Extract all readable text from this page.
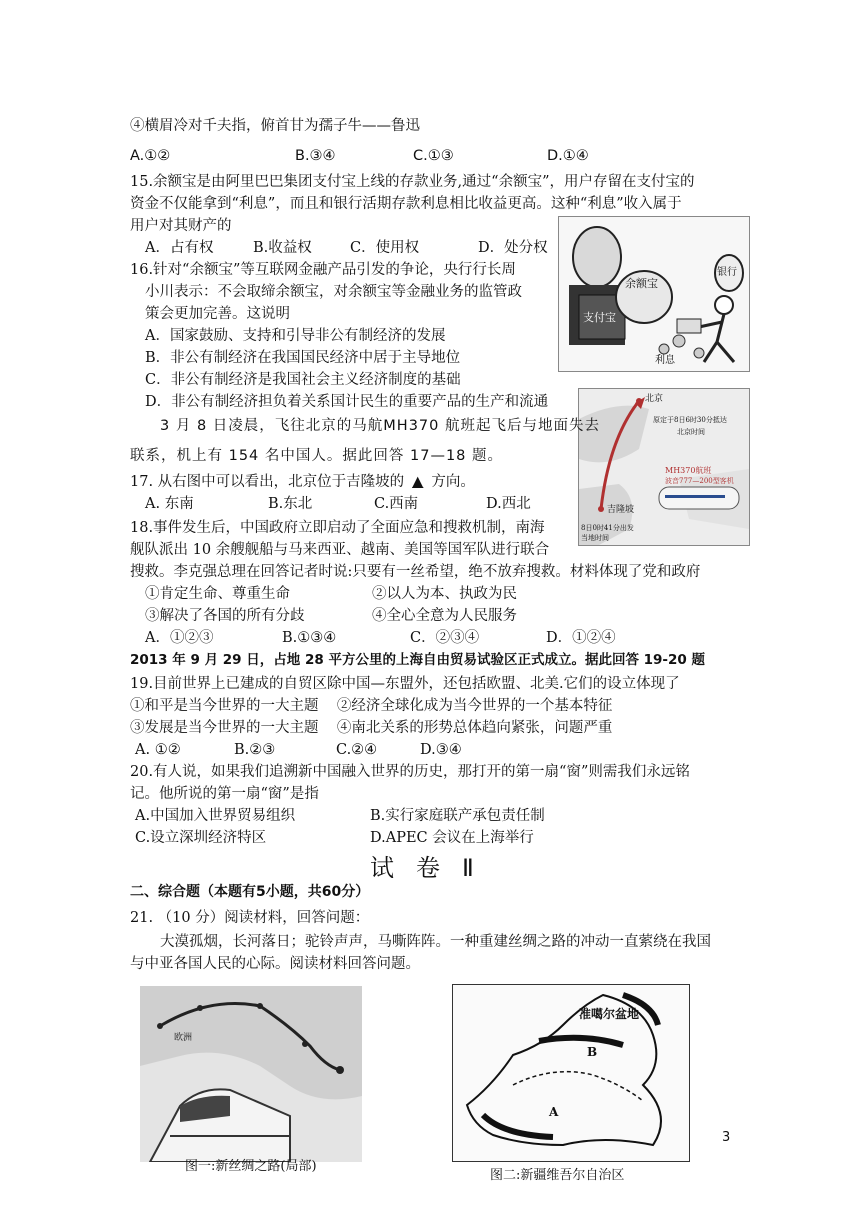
④横眉冷对千夫指，俯首甘为孺子牛——鲁迅
A.①②	B.③④	C.①③	D.①④
15.余额宝是由阿里巴巴集团支付宝上线的存款业务,通过“余额宝”，用户存留在支付宝的
资金不仅能拿到“利息”，而且和银行活期存款利息相比收益更高。这种“利息”收入属于
用户对其财产的
A．占有权	B.收益权	C．使用权	D．处分权
余额宝
支付宝
银行
利息
16.针对“余额宝”等互联网金融产品引发的争论，央行行长周
小川表示：不会取缔余额宝，对余额宝等金融业务的监管政
策会更加完善。这说明
A．国家鼓励、支持和引导非公有制经济的发展
B．非公有制经济在我国国民经济中居于主导地位
C．非公有制经济是我国社会主义经济制度的基础
D．非公有制经济担负着关系国计民生的重要产品的生产和流通	北京
原定于8日6时30分抵达
北京时间
MH370航班
波音777—200型客机
吉隆坡
8日0时41分出发
当地时间
3 月 8 日凌晨，飞往北京的马航MH370 航班起飞后与地面失去
联系，机上有 154 名中国人。据此回答 17—18 题。
17. 从右图中可以看出，北京位于吉隆坡的 ▲ 方向。
A. 东南	B.东北	C.西南	D.西北
18.事件发生后，中国政府立即启动了全面应急和搜救机制，南海
舰队派出 10 余艘舰船与马来西亚、越南、美国等国军队进行联合
搜救。李克强总理在回答记者时说:只要有一丝希望，绝不放弃搜救。材料体现了党和政府
①肯定生命、尊重生命	②以人为本、执政为民
③解决了各国的所有分歧	④全心全意为人民服务
A．①②③	B.①③④	C．②③④	D．①②④
2013 年 9 月 29 日，占地 28 平方公里的上海自由贸易试验区正式成立。据此回答 19-20 题
19.目前世界上已建成的自贸区除中国—东盟外，还包括欧盟、北美.它们的设立体现了
①和平是当今世界的一大主题    ②经济全球化成为当今世界的一个基本特征
③发展是当今世界的一大主题    ④南北关系的形势总体趋向紧张，问题严重
A. ①②	B.②③	C.②④	D.③④
20.有人说，如果我们追溯新中国融入世界的历史，那打开的第一扇“窗”则需我们永远铭
记。他所说的第一扇“窗”是指
A.中国加入世界贸易组织	B.实行家庭联产承包责任制
C.设立深圳经济特区	D.APEC 会议在上海举行
试卷Ⅱ
二、综合题（本题有5小题，共60分）
21. （10 分）阅读材料，回答问题：
大漠孤烟，长河落日；驼铃声声，马嘶阵阵。一种重建丝绸之路的冲动一直萦绕在我国
与中亚各国人民的心际。阅读材料回答问题。
欧洲
图一:新丝绸之路(局部)
准噶尔盆地
B
A
图二:新疆维吾尔自治区
3
